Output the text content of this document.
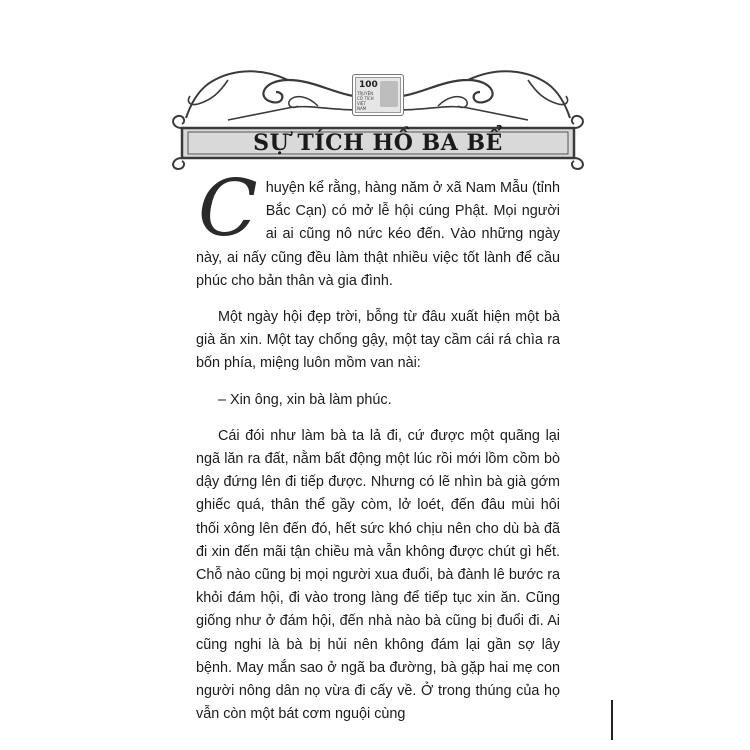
100
TRUYỆN CỔ TÍCH VIỆT NAM
SỰ TÍCH HỒ BA BỂ

Chuyện kể rằng, hàng năm ở xã Nam Mẫu (tỉnh Bắc Cạn) có mở lễ hội cúng Phật. Mọi người ai ai cũng nô nức kéo đến. Vào những ngày này, ai nấy cũng đều làm thật nhiều việc tốt lành để cầu phúc cho bản thân và gia đình.

Một ngày hội đẹp trời, bỗng từ đâu xuất hiện một bà già ăn xin. Một tay chống gậy, một tay cầm cái rá chìa ra bốn phía, miệng luôn mồm van nài:

– Xin ông, xin bà làm phúc.

Cái đói như làm bà ta lả đi, cứ được một quãng lại ngã lăn ra đất, nằm bất động một lúc rồi mới lồm cồm bò dậy đứng lên đi tiếp được. Nhưng có lẽ nhìn bà già gớm ghiếc quá, thân thể gầy còm, lở loét, đến đâu mùi hôi thối xông lên đến đó, hết sức khó chịu nên cho dù bà đã đi xin đến mãi tận chiều mà vẫn không được chút gì hết. Chỗ nào cũng bị mọi người xua đuổi, bà đành lê bước ra khỏi đám hội, đi vào trong làng để tiếp tục xin ăn. Cũng giống như ở đám hội, đến nhà nào bà cũng bị đuổi đi. Ai cũng nghi là bà bị hủi nên không đám lại gần sợ lây bệnh. May mắn sao ở ngã ba đường, bà gặp hai mẹ con người nông dân nọ vừa đi cấy về. Ở trong thúng của họ vẫn còn một bát cơm nguội cùng
